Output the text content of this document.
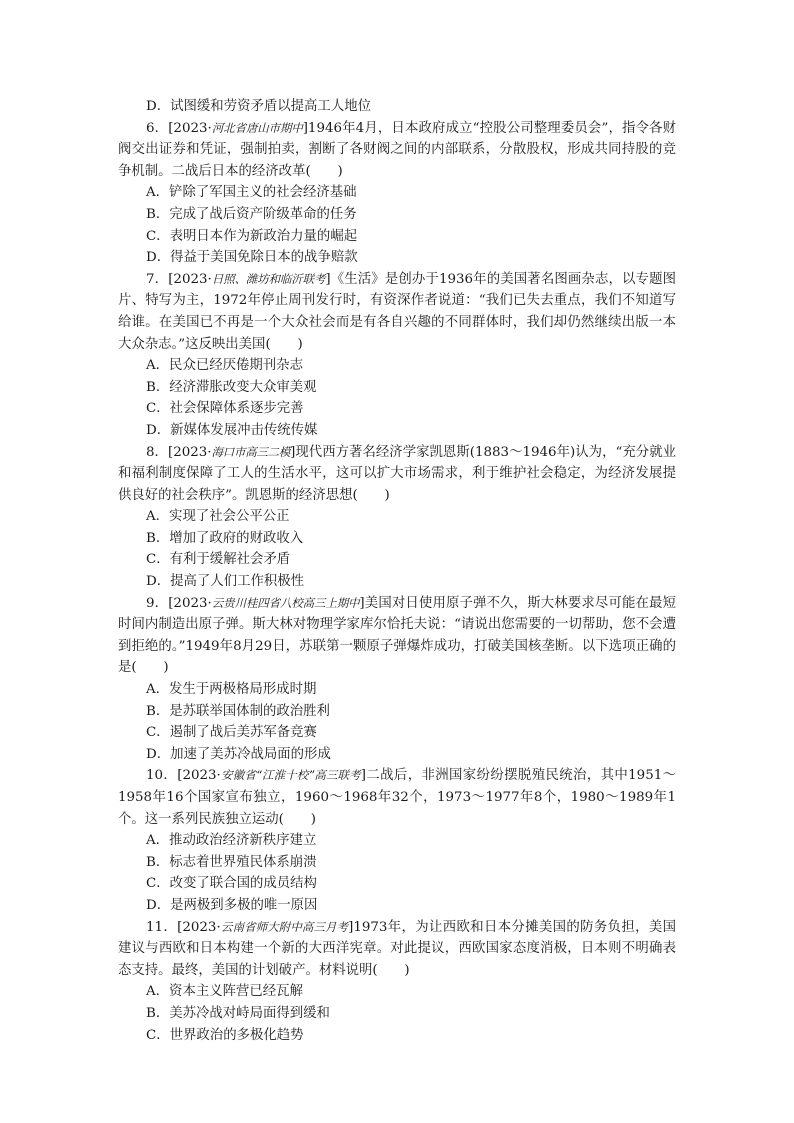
D．试图缓和劳资矛盾以提高工人地位
6．[2023·河北省唐山市期中]1946年4月，日本政府成立“控股公司整理委员会”，指令各财阀交出证券和凭证，强制拍卖，割断了各财阀之间的内部联系，分散股权，形成共同持股的竞争机制。二战后日本的经济改革(　　)
A．铲除了军国主义的社会经济基础
B．完成了战后资产阶级革命的任务
C．表明日本作为新政治力量的崛起
D．得益于美国免除日本的战争赔款
7．[2023·日照、潍坊和临沂联考]《生活》是创办于1936年的美国著名图画杂志，以专题图片、特写为主，1972年停止周刊发行时，有资深作者说道：“我们已失去重点，我们不知道写给谁。在美国已不再是一个大众社会而是有各自兴趣的不同群体时，我们却仍然继续出版一本大众杂志。”这反映出美国(　　)
A．民众已经厌倦期刊杂志
B．经济滞胀改变大众审美观
C．社会保障体系逐步完善
D．新媒体发展冲击传统传媒
8．[2023·海口市高三二模]现代西方著名经济学家凯恩斯(1883～1946年)认为，“充分就业和福利制度保障了工人的生活水平，这可以扩大市场需求，利于维护社会稳定，为经济发展提供良好的社会秩序”。凯恩斯的经济思想(　　)
A．实现了社会公平公正
B．增加了政府的财政收入
C．有利于缓解社会矛盾
D．提高了人们工作积极性
9．[2023·云贵川桂四省八校高三上期中]美国对日使用原子弹不久，斯大林要求尽可能在最短时间内制造出原子弹。斯大林对物理学家库尔恰托夫说：“请说出您需要的一切帮助，您不会遭到拒绝的。”1949年8月29日，苏联第一颗原子弹爆炸成功，打破美国核垄断。以下选项正确的是(　　)
A．发生于两极格局形成时期
B．是苏联举国体制的政治胜利
C．遏制了战后美苏军备竞赛
D．加速了美苏冷战局面的形成
10．[2023·安徽省“江淮十校”高三联考]二战后，非洲国家纷纷摆脱殖民统治，其中1951～1958年16个国家宣布独立，1960～1968年32个，1973～1977年8个，1980～1989年1个。这一系列民族独立运动(　　)
A．推动政治经济新秩序建立
B．标志着世界殖民体系崩溃
C．改变了联合国的成员结构
D．是两极到多极的唯一原因
11．[2023·云南省师大附中高三月考]1973年，为让西欧和日本分摊美国的防务负担，美国建议与西欧和日本构建一个新的大西洋宪章。对此提议，西欧国家态度消极，日本则不明确表态支持。最终，美国的计划破产。材料说明(　　)
A．资本主义阵营已经瓦解
B．美苏冷战对峙局面得到缓和
C．世界政治的多极化趋势
